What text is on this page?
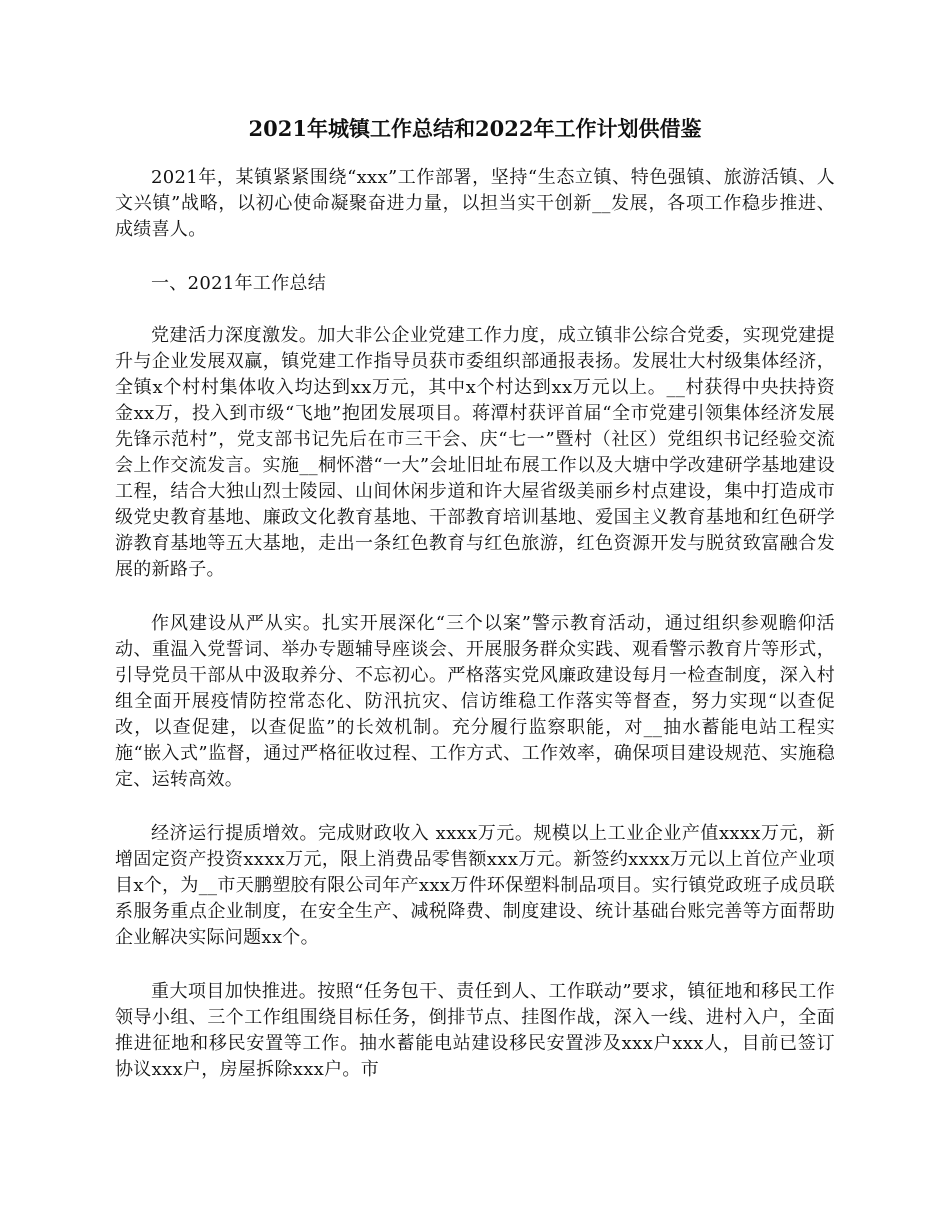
2021年城镇工作总结和2022年工作计划供借鉴

2021年，某镇紧紧围绕“xxx”工作部署，坚持“生态立镇、特色强镇、旅游活镇、人文兴镇”战略，以初心使命凝聚奋进力量，以担当实干创新__发展，各项工作稳步推进、成绩喜人。

一、2021年工作总结

党建活力深度激发。加大非公企业党建工作力度，成立镇非公综合党委，实现党建提升与企业发展双赢，镇党建工作指导员获市委组织部通报表扬。发展壮大村级集体经济，全镇x个村村集体收入均达到xx万元，其中x个村达到xx万元以上。__村获得中央扶持资金xx万，投入到市级“飞地”抱团发展项目。蒋潭村获评首届“全市党建引领集体经济发展先锋示范村”，党支部书记先后在市三干会、庆“七一”暨村（社区）党组织书记经验交流会上作交流发言。实施__桐怀潜“一大”会址旧址布展工作以及大塘中学改建研学基地建设工程，结合大独山烈士陵园、山间休闲步道和许大屋省级美丽乡村点建设，集中打造成市级党史教育基地、廉政文化教育基地、干部教育培训基地、爱国主义教育基地和红色研学游教育基地等五大基地，走出一条红色教育与红色旅游，红色资源开发与脱贫致富融合发展的新路子。

作风建设从严从实。扎实开展深化“三个以案”警示教育活动，通过组织参观瞻仰活动、重温入党誓词、举办专题辅导座谈会、开展服务群众实践、观看警示教育片等形式，引导党员干部从中汲取养分、不忘初心。严格落实党风廉政建设每月一检查制度，深入村组全面开展疫情防控常态化、防汛抗灾、信访维稳工作落实等督查，努力实现“以查促改，以查促建，以查促监”的长效机制。充分履行监察职能，对__抽水蓄能电站工程实施“嵌入式”监督，通过严格征收过程、工作方式、工作效率，确保项目建设规范、实施稳定、运转高效。

经济运行提质增效。完成财政收入 xxxx万元。规模以上工业企业产值xxxx万元，新增固定资产投资xxxx万元，限上消费品零售额xxx万元。新签约xxxx万元以上首位产业项目x个，为__市天鹏塑胶有限公司年产xxx万件环保塑料制品项目。实行镇党政班子成员联系服务重点企业制度，在安全生产、减税降费、制度建设、统计基础台账完善等方面帮助企业解决实际问题xx个。

重大项目加快推进。按照“任务包干、责任到人、工作联动”要求，镇征地和移民工作领导小组、三个工作组围绕目标任务，倒排节点、挂图作战，深入一线、进村入户，全面推进征地和移民安置等工作。抽水蓄能电站建设移民安置涉及xxx户xxx人，目前已签订协议xxx户，房屋拆除xxx户。市
